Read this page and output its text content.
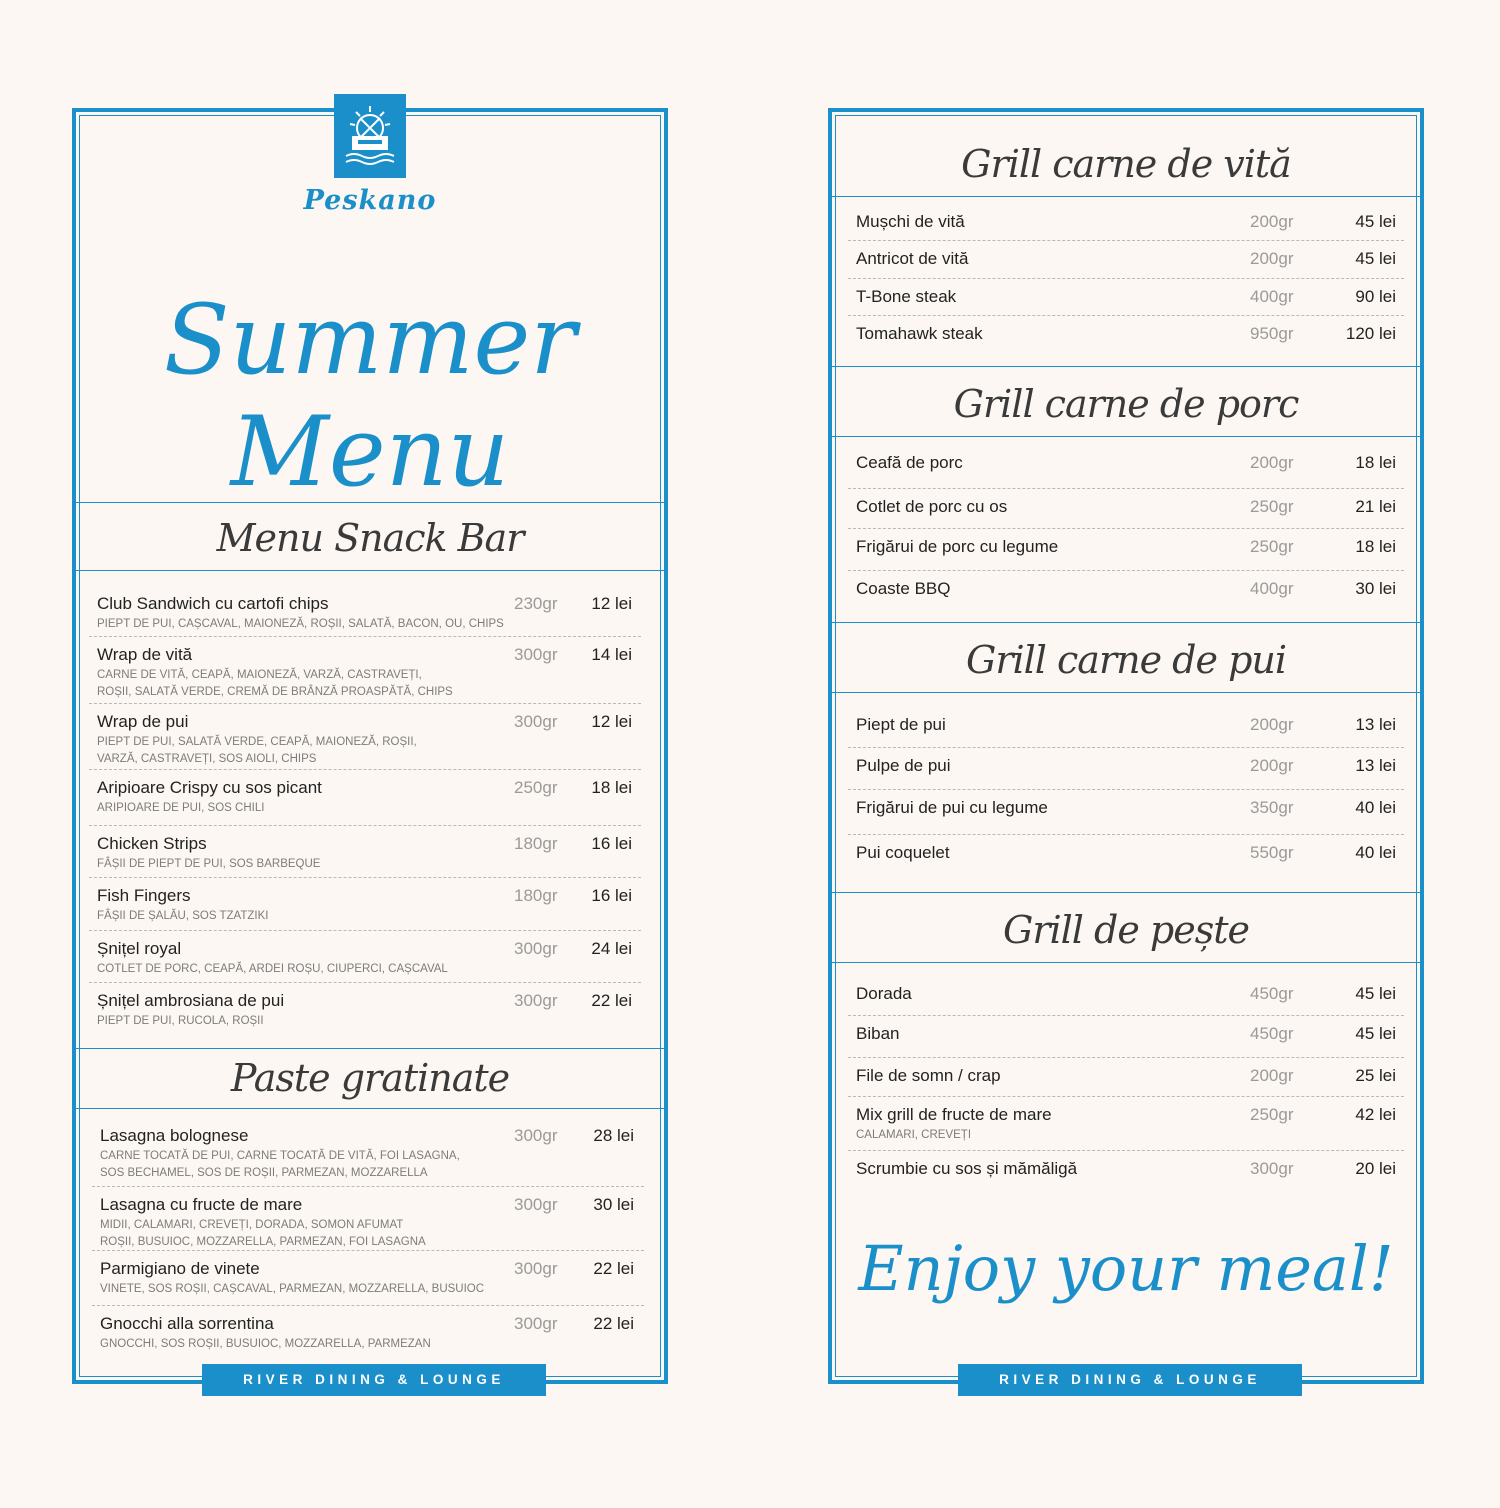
Peskano
Summer Menu
Menu Snack Bar
Club Sandwich cu cartofi chips	230gr	12 lei
PIEPT DE PUI, CAȘCAVAL, MAIONEZĂ, ROȘII, SALATĂ, BACON, OU, CHIPS
Wrap de vită	300gr	14 lei
CARNE DE VITĂ, CEAPĂ, MAIONEZĂ, VARZĂ, CASTRAVEȚI,
ROȘII, SALATĂ VERDE, CREMĂ DE BRÂNZĂ PROASPĂTĂ, CHIPS
Wrap de pui	300gr	12 lei
PIEPT DE PUI, SALATĂ VERDE, CEAPĂ, MAIONEZĂ, ROȘII,
VARZĂ, CASTRAVEȚI, SOS AIOLI, CHIPS
Aripioare Crispy cu sos picant	250gr	18 lei
ARIPIOARE DE PUI, SOS CHILI
Chicken Strips	180gr	16 lei
FÂȘII DE PIEPT DE PUI, SOS BARBEQUE
Fish Fingers	180gr	16 lei
FÂȘII DE ȘALĂU, SOS TZATZIKI
Șnițel royal	300gr	24 lei
COTLET DE PORC, CEAPĂ, ARDEI ROȘU, CIUPERCI, CAȘCAVAL
Șnițel ambrosiana de pui	300gr	22 lei
PIEPT DE PUI, RUCOLA, ROȘII
Paste gratinate
Lasagna bolognese	300gr	28 lei
CARNE TOCATĂ DE PUI, CARNE TOCATĂ DE VITĂ, FOI LASAGNA,
SOS BECHAMEL, SOS DE ROȘII, PARMEZAN, MOZZARELLA
Lasagna cu fructe de mare	300gr	30 lei
MIDII, CALAMARI, CREVEȚI, DORADA, SOMON AFUMAT
ROȘII, BUSUIOC, MOZZARELLA, PARMEZAN, FOI LASAGNA
Parmigiano de vinete	300gr	22 lei
VINETE, SOS ROȘII, CAȘCAVAL, PARMEZAN, MOZZARELLA, BUSUIOC
Gnocchi alla sorrentina	300gr	22 lei
GNOCCHI, SOS ROȘII, BUSUIOC, MOZZARELLA, PARMEZAN
RIVER DINING & LOUNGE
Grill carne de vită
Mușchi de vită	200gr	45 lei
Antricot de vită	200gr	45 lei
T-Bone steak	400gr	90 lei
Tomahawk steak	950gr	120 lei
Grill carne de porc
Ceafă de porc	200gr	18 lei
Cotlet de porc cu os	250gr	21 lei
Frigărui de porc cu legume	250gr	18 lei
Coaste BBQ	400gr	30 lei
Grill carne de pui
Piept de pui	200gr	13 lei
Pulpe de pui	200gr	13 lei
Frigărui de pui cu legume	350gr	40 lei
Pui coquelet	550gr	40 lei
Grill de pește
Dorada	450gr	45 lei
Biban	450gr	45 lei
File de somn / crap	200gr	25 lei
Mix grill de fructe de mare	250gr	42 lei
CALAMARI, CREVEȚI
Scrumbie cu sos și mămăligă	300gr	20 lei
Enjoy your meal!
RIVER DINING & LOUNGE
